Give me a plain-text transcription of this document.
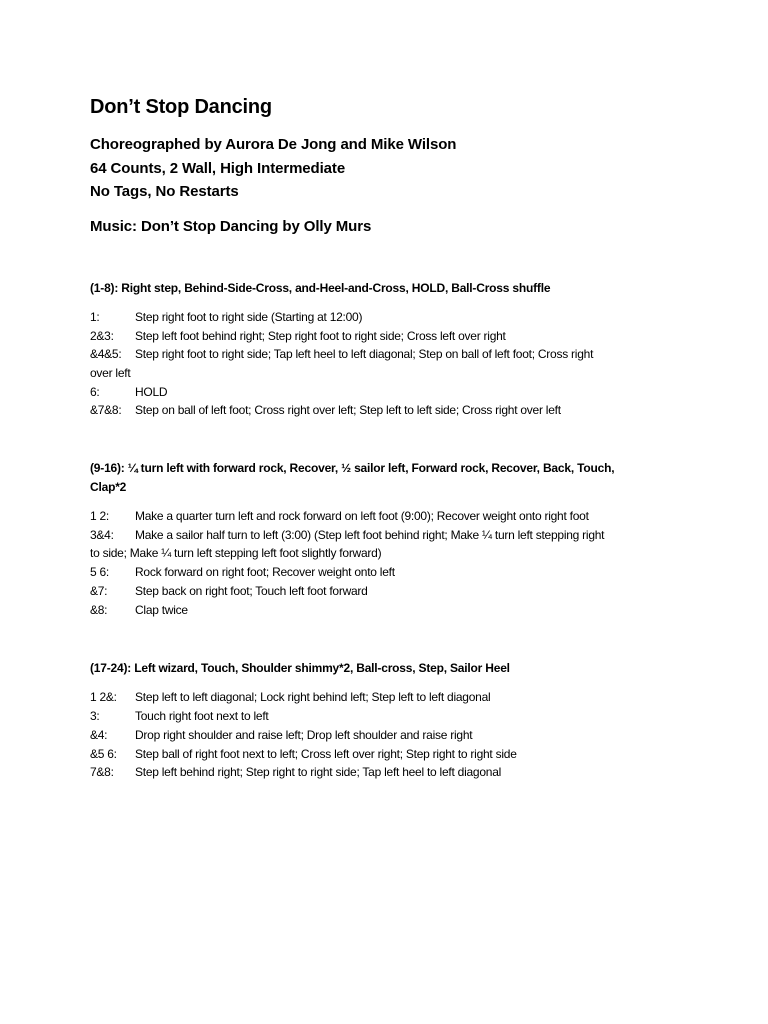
Don’t Stop Dancing
Choreographed by Aurora De Jong and Mike Wilson
64 Counts, 2 Wall, High Intermediate
No Tags, No Restarts
Music: Don’t Stop Dancing by Olly Murs
(1-8): Right step, Behind-Side-Cross, and-Heel-and-Cross, HOLD, Ball-Cross shuffle
1:	Step right foot to right side (Starting at 12:00)
2&3: Step left foot behind right; Step right foot to right side; Cross left over right
&4&5: Step right foot to right side; Tap left heel to left diagonal; Step on ball of left foot; Cross right
over left
6:	HOLD
&7&8: Step on ball of left foot; Cross right over left; Step left to left side; Cross right over left
(9-16): ¼ turn left with forward rock, Recover, ½ sailor left, Forward rock, Recover, Back, Touch,
Clap*2
1 2: Make a quarter turn left and rock forward on left foot (9:00); Recover weight onto right foot
3&4: Make a sailor half turn to left (3:00) (Step left foot behind right; Make ¼ turn left stepping right
to side; Make ¼ turn left stepping left foot slightly forward)
5 6: Rock forward on right foot; Recover weight onto left
&7: Step back on right foot; Touch left foot forward
&8: Clap twice
(17-24): Left wizard, Touch, Shoulder shimmy*2, Ball-cross, Step, Sailor Heel
1 2&: Step left to left diagonal; Lock right behind left; Step left to left diagonal
3:	Touch right foot next to left
&4: Drop right shoulder and raise left; Drop left shoulder and raise right
&5 6: Step ball of right foot next to left; Cross left over right; Step right to right side
7&8: Step left behind right; Step right to right side; Tap left heel to left diagonal
